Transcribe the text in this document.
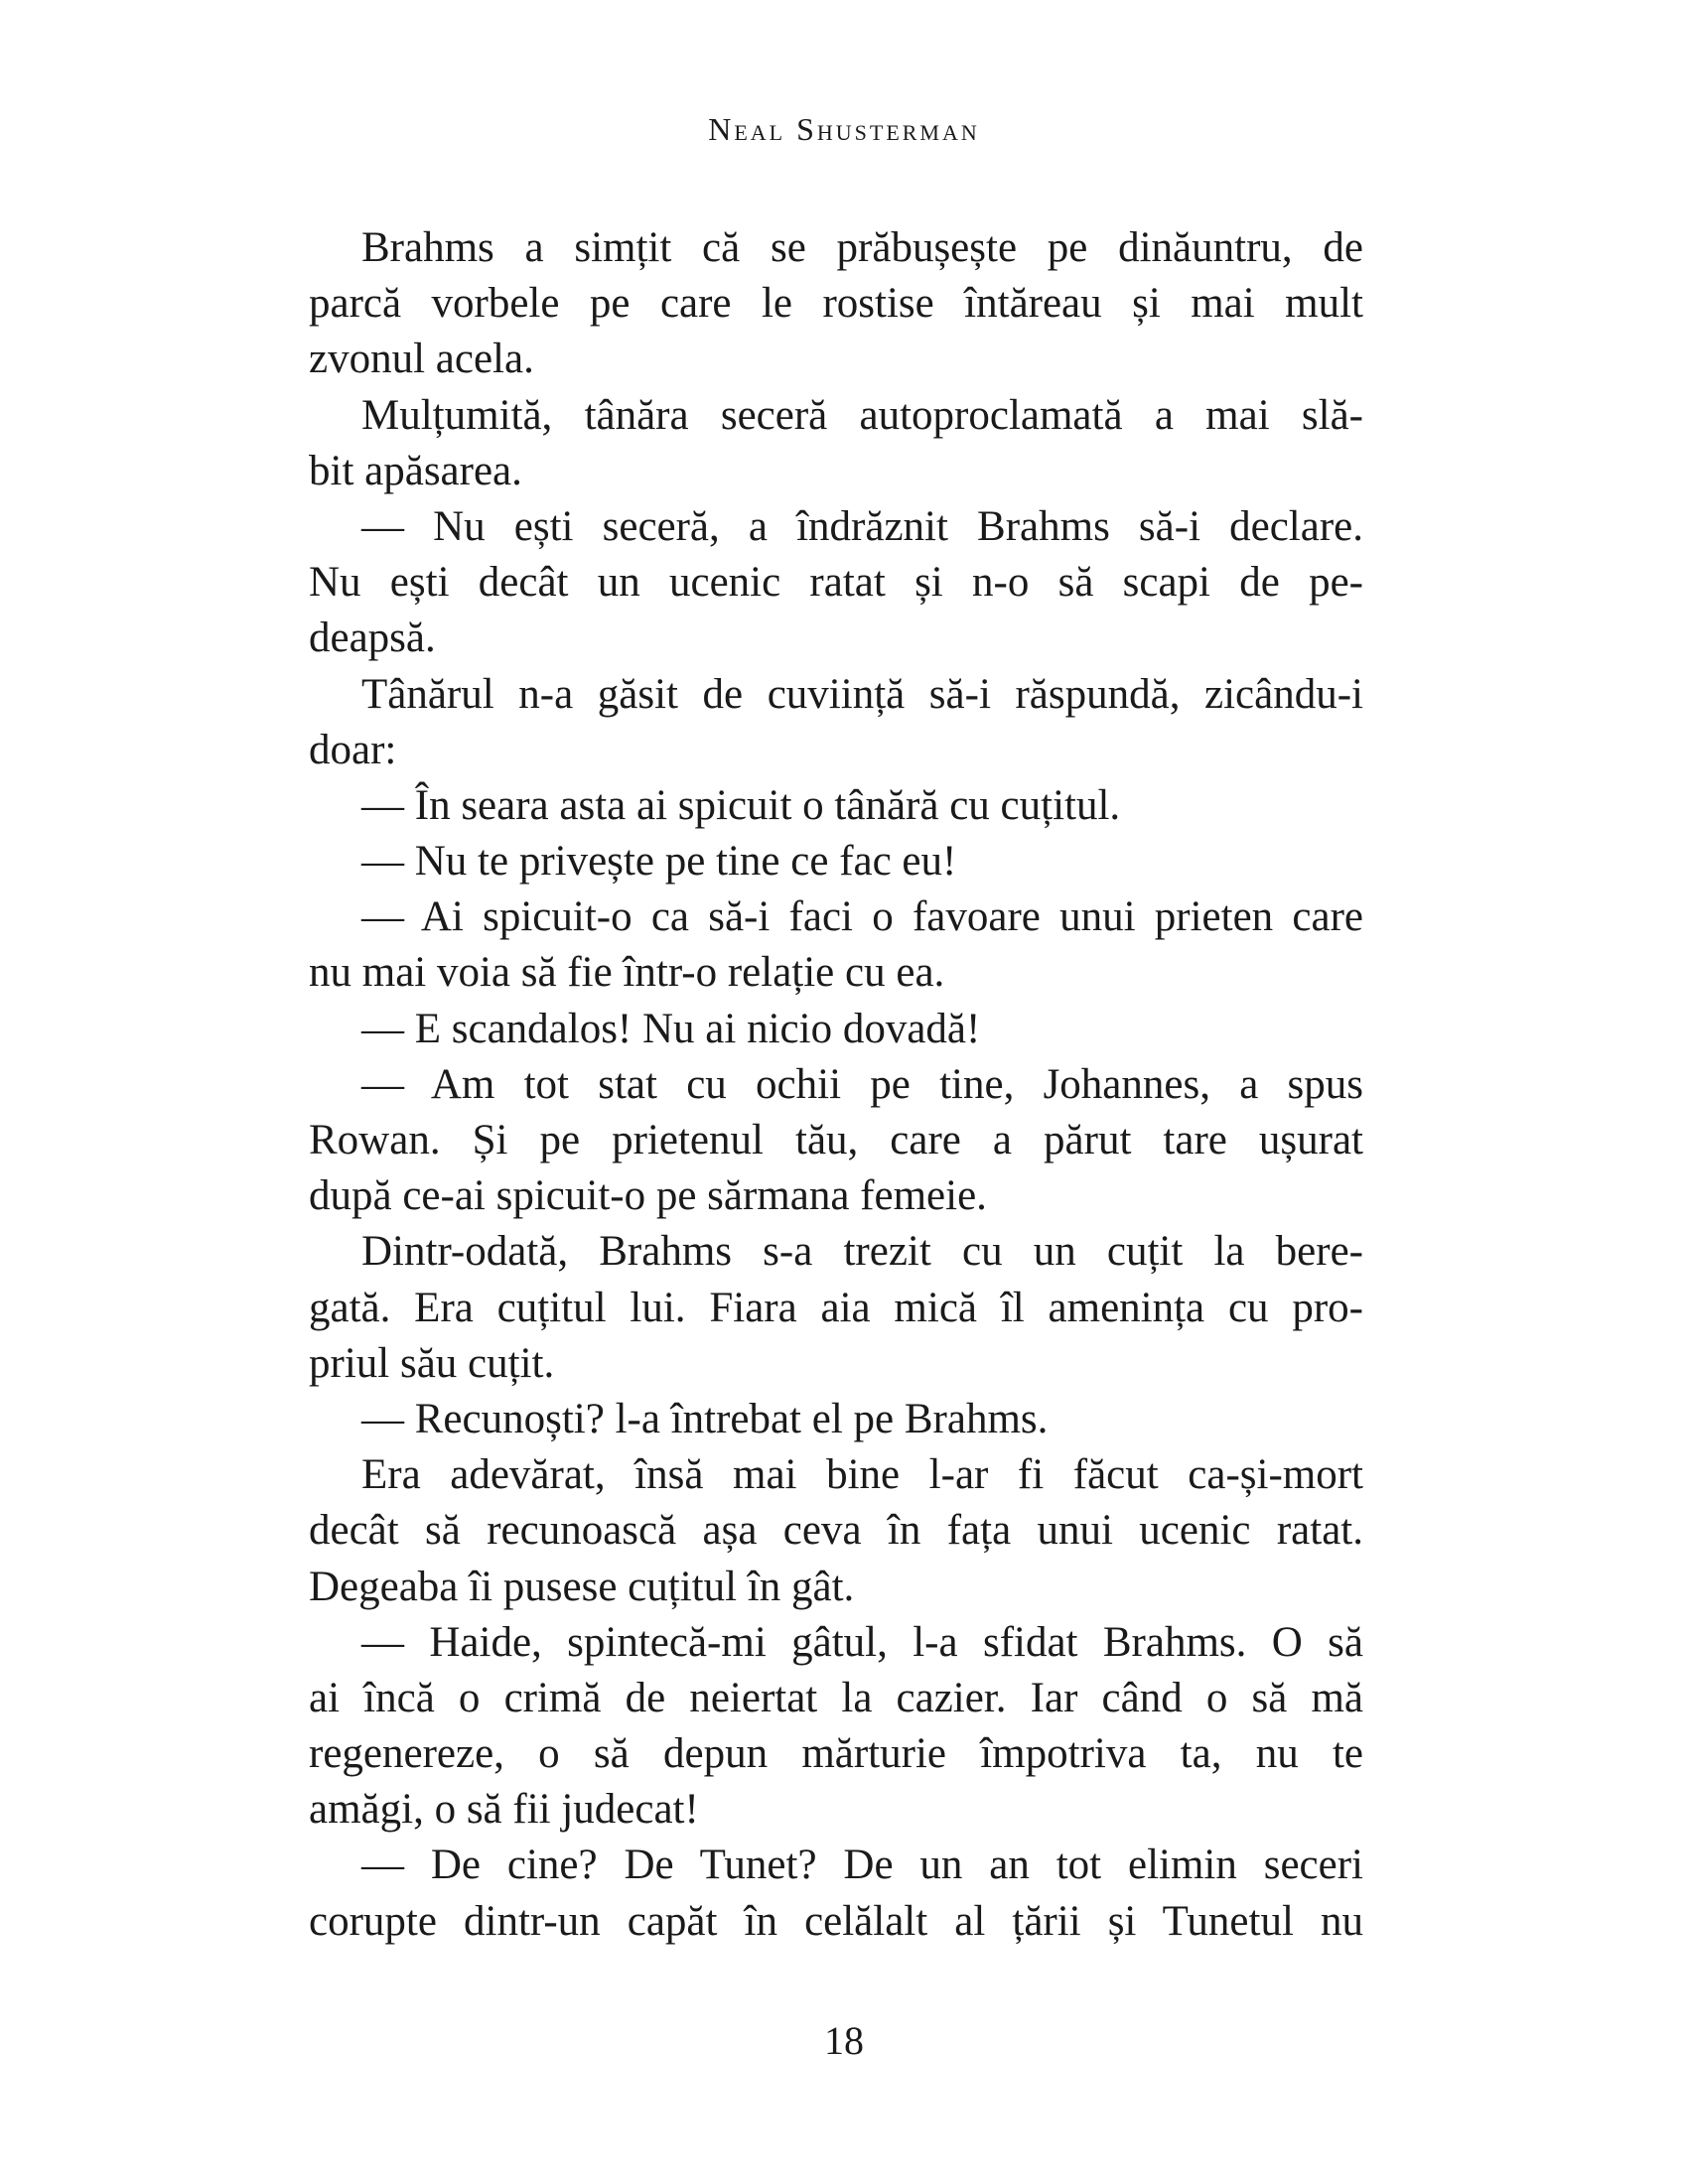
Neal Shusterman
Brahms a simțit că se prăbușește pe dinăuntru, de
parcă vorbele pe care le rostise întăreau și mai mult
zvonul acela.
Mulțumită, tânăra seceră autoproclamată a mai slă-
bit apăsarea.
— Nu ești seceră, a îndrăznit Brahms să-i declare.
Nu ești decât un ucenic ratat și n-o să scapi de pe-
deapsă.
Tânărul n-a găsit de cuviință să-i răspundă, zicându-i
doar:
— În seara asta ai spicuit o tânără cu cuțitul.
— Nu te privește pe tine ce fac eu!
— Ai spicuit-o ca să-i faci o favoare unui prieten care
nu mai voia să fie într-o relație cu ea.
— E scandalos! Nu ai nicio dovadă!
— Am tot stat cu ochii pe tine, Johannes, a spus
Rowan. Și pe prietenul tău, care a părut tare ușurat
după ce-ai spicuit-o pe sărmana femeie.
Dintr-odată, Brahms s-a trezit cu un cuțit la bere-
gată. Era cuțitul lui. Fiara aia mică îl amenința cu pro-
priul său cuțit.
— Recunoști? l-a întrebat el pe Brahms.
Era adevărat, însă mai bine l-ar fi făcut ca-și-mort
decât să recunoască așa ceva în fața unui ucenic ratat.
Degeaba îi pusese cuțitul în gât.
— Haide, spintecă-mi gâtul, l-a sfidat Brahms. O să
ai încă o crimă de neiertat la cazier. Iar când o să mă
regenereze, o să depun mărturie împotriva ta, nu te
amăgi, o să fii judecat!
— De cine? De Tunet? De un an tot elimin seceri
corupte dintr-un capăt în celălalt al țării și Tunetul nu
18
